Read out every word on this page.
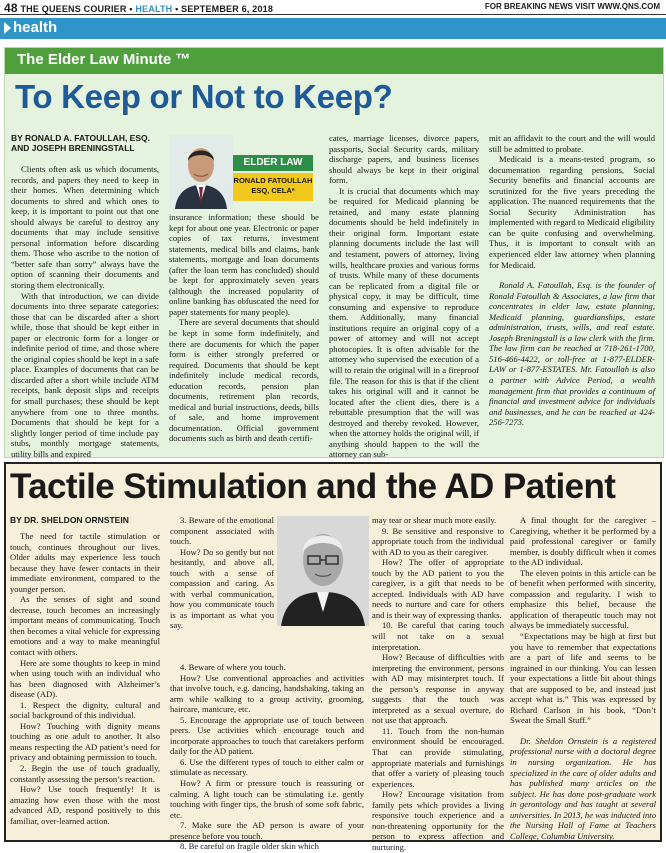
48 THE QUEENS COURIER • HEALTH • SEPTEMBER 6, 2018	FOR BREAKING NEWS VISIT WWW.QNS.COM
health
The Elder Law Minute ™
To Keep or Not to Keep?
BY RONALD A. FATOULLAH, ESQ.
AND JOSEPH BRENINGSTALL
ELDER LAW
RONALD FATOULLAH
ESQ, CELA*

Clients often ask us which documents, records, and papers they need to keep in their homes. When determining which documents to shred and which ones to keep, it is important to point out that one should always be careful to destroy any documents that may include sensitive personal information before discarding them. Those who ascribe to the notion of “better safe than sorry” always have the option of scanning their documents and storing them electronically.

With that introduction, we can divide documents into three separate categories: those that can be discarded after a short while, those that should be kept either in paper or electronic form for a longer or indefinite period of time, and those where the original copies should be kept in a safe place. Examples of documents that can be discarded after a short while include ATM receipts, bank deposit slips and receipts for small purchases; these should be kept anywhere from one to three months. Documents that should be kept for a slightly longer period of time include pay stubs, monthly mortgage statements, utility bills and expired

insurance information; these should be kept for about one year. Electronic or paper copies of tax returns, investment statements, medical bills and claims, bank statements, mortgage and loan documents (after the loan term has concluded) should be kept for approximately seven years (although the increased popularity of online banking has obfuscated the need for paper statements for many people).

There are several documents that should be kept in some form indefinitely, and there are documents for which the paper form is either strongly preferred or required. Documents that should be kept indefinitely include medical records, education records, pension plan documents, retirement plan records, medical and burial instructions, deeds, bills of sale, and home improvement documentation. Official government documents such as birth and death certifi-

cates, marriage licenses, divorce papers, passports, Social Security cards, military discharge papers, and business licenses should always be kept in their original form.

It is crucial that documents which may be required for Medicaid planning be retained, and many estate planning documents should be held indefinitely in their original form. Important estate planning documents include the last will and testament, powers of attorney, living wills, healthcare proxies and various forms of trusts. While many of these documents can be replicated from a digital file or physical copy, it may be difficult, time consuming and expensive to reproduce them. Additionally, many financial institutions require an original copy of a power of attorney and will not accept photocopies. It is often advisable for the attorney who supervised the execution of a will to retain the original will in a fireproof file. The reason for this is that if the client takes his original will and it cannot be located after the client dies, there is a rebuttable presumption that the will was destroyed and thereby revoked. However, when the attorney holds the original will, if anything should happen to the will the attorney can sub-

mit an affidavit to the court and the will would still be admitted to probate.

Medicaid is a means-tested program, so documentation regarding pensions, Social Security benefits and financial accounts are scrutinized for the five years preceding the application. The nuanced requirements that the Social Security Administration has implemented with regard to Medicaid eligibility can be quite confusing and overwhelming. Thus, it is important to consult with an experienced elder law attorney when planning for Medicaid.

Ronald A. Fatoullah, Esq. is the founder of Ronald Fatoullah & Associates, a law firm that concentrates in elder law, estate planning, Medicaid planning, guardianships, estate administration, trusts, wills, and real estate. Joseph Breningstall is a law clerk with the firm. The law firm can be reached at 718-261-1700, 516-466-4422, or toll-free at 1-877-ELDER-LAW or 1-877-ESTATES. Mr. Fatoullah is also a partner with Advice Period, a wealth management firm that provides a continuum of financial and investment advice for individuals and businesses, and he can be reached at 424-256-7273.

Tactile Stimulation and the AD Patient
BY DR. SHELDON ORNSTEIN

The need for tactile stimulation or touch, continues throughout our lives. Older adults may experience less touch because they have fewer contacts in their immediate environment, compared to the younger person.

As the senses of sight and sound decrease, touch becomes an increasingly important means of communicating. Touch then becomes a vital vehicle for expressing emotions and a way to make meaningful contact with others.

Here are some thoughts to keep in mind when using touch with an individual who has been diagnosed with Alzheimer’s disease (AD).

1. Respect the dignity, cultural and social background of this individual.

How? Touching with dignity means touching as one adult to another. It also means respecting the AD patient’s need for privacy and obtaining permission to touch.

2. Begin the use of touch gradually, constantly assessing the person’s reaction.

How? Use touch frequently! It is amazing how even those with the most advanced AD, respond positively to this familiar, over-learned action.

3. Beware of the emotional component associated with touch.

How? Do so gently but not hesitantly, and above all, touch with a sense of compassion and caring. As with verbal communication, how you communicate touch is as important as what you say.

4. Beware of where you touch.

How? Use conventional approaches and activities that involve touch, e.g. dancing, handshaking, taking an arm while walking to a group activity, grooming, haircare, manicure, etc.

5. Encourage the appropriate use of touch between peers. Use activities which encourage touch and incorporate approaches to touch that caretakers perform daily for the AD patient.

6. Use the different types of touch to either calm or stimulate as necessary.

How? A firm or pressure touch is reassuring or calming. A light touch can be stimulating i.e. gently touching with finger tips, the brush of some soft fabric, etc.

7. Make sure the AD person is aware of your presence before you touch.

8. Be careful on fragile older skin which

may tear or shear much more easily.

9. Be sensitive and responsive to appropriate touch from the individual with AD to you as their caregiver.

How? The offer of appropriate touch by the AD patient to you the caregiver, is a gift that needs to be accepted. Individuals with AD have needs to nurture and care for others and is their way of expressing thanks.

10. Be careful that caring touch will not take on a sexual interpretation.

How? Because of difficulties with interpreting the environment, persons with AD may misinterpret touch. If the person’s response in anyway suggests that the touch was interpreted as a sexual overture, do not use that approach.

11. Touch from the non-human environment should be encouraged. That can provide stimulating, appropriate materials and furnishings that offer a variety of pleasing touch experiences.

How? Encourage visitation from family pets which provides a living responsive touch experience and a non-threatening opportunity for the person to express affection and nurturing.

A final thought for the caregiver – Caregiving, whether it be performed by a paid professional caregiver or family member, is doubly difficult when it comes to the AD individual.

The eleven points in this article can be of benefit when performed with sincerity, compassion and regularity. I wish to emphasize this belief, because the application of therapeutic touch may not always be immediately successful.

“Expectations may be high at first but you have to remember that expectations are a part of life and seems to be ingrained in our thinking. You can lessen your expectations a little bit about things that are supposed to be, and instead just accept what is.” This was expressed by Richard Carlson in his book, “Don’t Sweat the Small Stuff.”

Dr. Sheldon Ornstein is a registered professional nurse with a doctoral degree in nursing organization. He has specialized in the care of older adults and has published many articles on the subject. He has done post-graduate work in gerontology and has taught at several universities. In 2013, he was inducted into the Nursing Hall of Fame at Teachers College, Columbia University.
